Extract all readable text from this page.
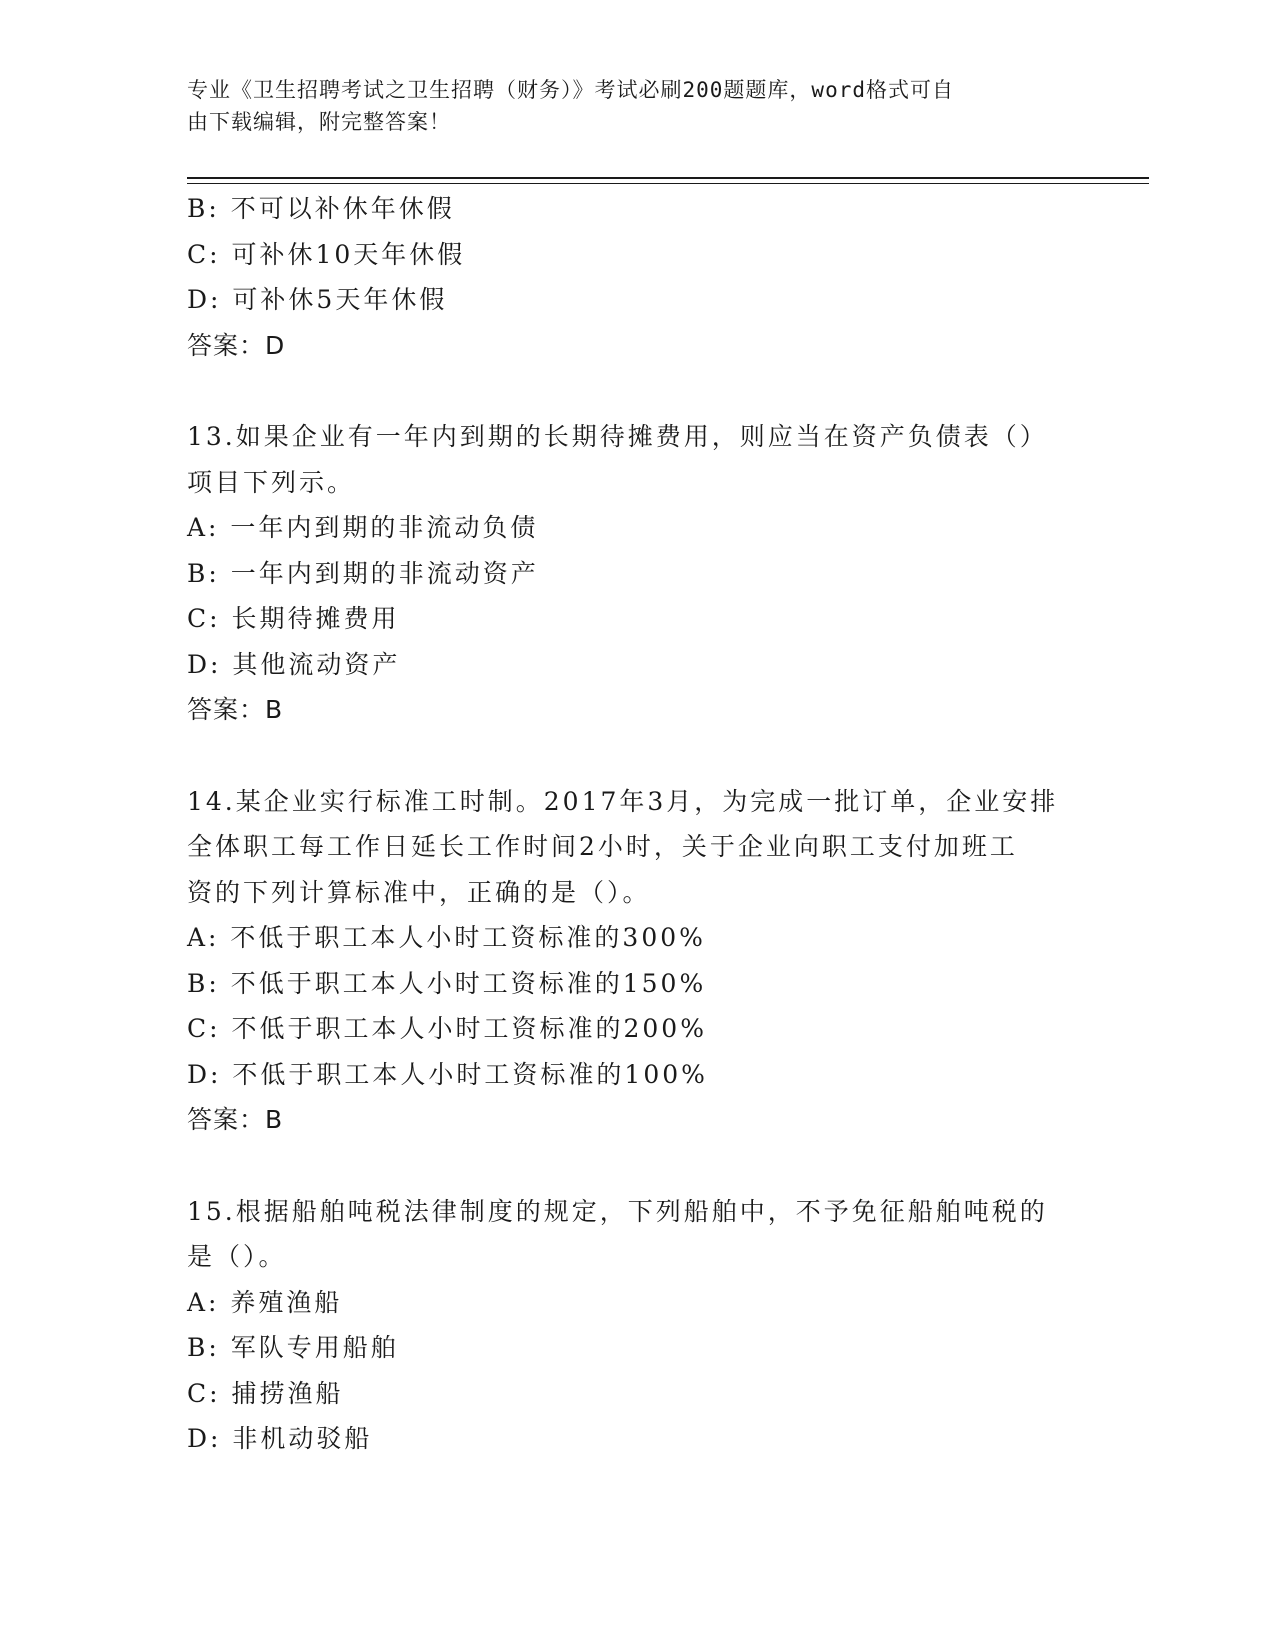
专业《卫生招聘考试之卫生招聘（财务）》考试必刷200题题库，word格式可自
由下载编辑，附完整答案！
B: 不可以补休年休假
C: 可补休10天年休假
D: 可补休5天年休假
答案：D
13.如果企业有一年内到期的长期待摊费用，则应当在资产负债表（）
项目下列示。
A: 一年内到期的非流动负债
B: 一年内到期的非流动资产
C: 长期待摊费用
D: 其他流动资产
答案：B
14.某企业实行标准工时制。2017年3月，为完成一批订单，企业安排
全体职工每工作日延长工作时间2小时，关于企业向职工支付加班工
资的下列计算标准中，正确的是（）。
A: 不低于职工本人小时工资标准的300%
B: 不低于职工本人小时工资标准的150%
C: 不低于职工本人小时工资标准的200%
D: 不低于职工本人小时工资标准的100%
答案：B
15.根据船舶吨税法律制度的规定，下列船舶中，不予免征船舶吨税的
是（）。
A: 养殖渔船
B: 军队专用船舶
C: 捕捞渔船
D: 非机动驳船
